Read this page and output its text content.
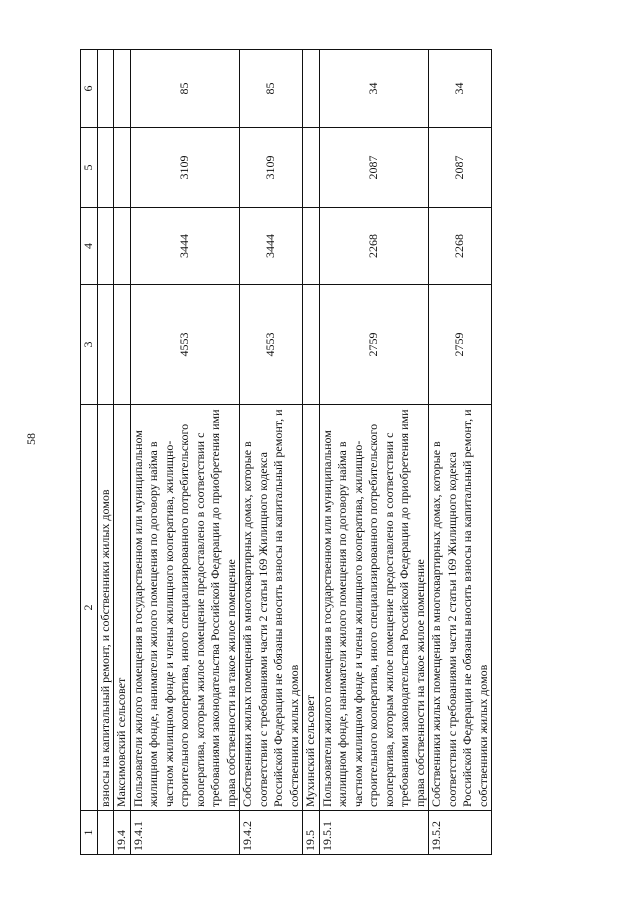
58
1	2	3	4	5	6
	взносы на капитальный ремонт, и собственники жилых домов				
19.4	Максимовский сельсовет				
19.4.1	Пользователи жилого помещения в государственном или муниципальном жилищном фонде, наниматели жилого помещения по договору найма в частном жилищном фонде и члены жилищного кооператива, жилищно-строительного кооператива, иного специализированного потребительского кооператива, которым жилое помещение предоставлено в соответствии с требованиями законодательства Российской Федерации до приобретения ими права собственности на такое жилое помещение	4553	3444	3109	85
19.4.2	Собственники жилых помещений в многоквартирных домах, которые в соответствии с требованиями части 2 статьи 169 Жилищного кодекса Российской Федерации не обязаны вносить взносы на капитальный ремонт, и собственники жилых домов	4553	3444	3109	85
19.5	Мухинский сельсовет				
19.5.1	Пользователи жилого помещения в государственном или муниципальном жилищном фонде, наниматели жилого помещения по договору найма в частном жилищном фонде и члены жилищного кооператива, жилищно-строительного кооператива, иного специализированного потребительского кооператива, которым жилое помещение предоставлено в соответствии с требованиями законодательства Российской Федерации до приобретения ими права собственности на такое жилое помещение	2759	2268	2087	34
19.5.2	Собственники жилых помещений в многоквартирных домах, которые в соответствии с требованиями части 2 статьи 169 Жилищного кодекса Российской Федерации не обязаны вносить взносы на капитальный ремонт, и собственники жилых домов	2759	2268	2087	34
